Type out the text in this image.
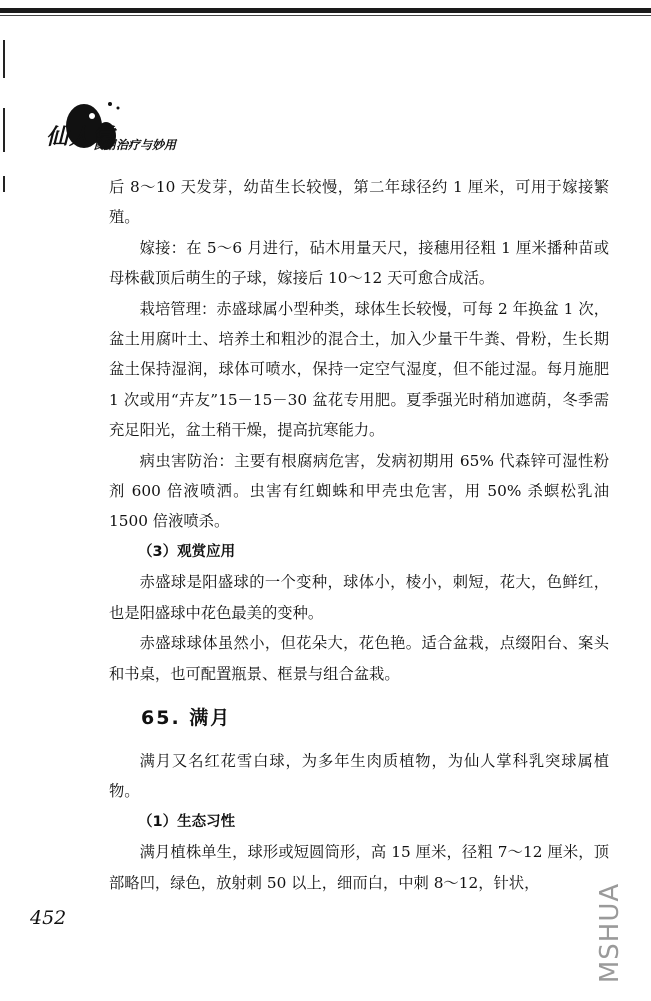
仙人掌
食用治疗与妙用

后 8～10 天发芽，幼苗生长较慢，第二年球径约 1 厘米，可用于嫁接繁殖。

嫁接：在 5～6 月进行，砧木用量天尺，接穗用径粗 1 厘米播种苗或母株截顶后萌生的子球，嫁接后 10～12 天可愈合成活。

栽培管理：赤盛球属小型种类，球体生长较慢，可每 2 年换盆 1 次，盆土用腐叶土、培养土和粗沙的混合土，加入少量干牛粪、骨粉，生长期盆土保持湿润，球体可喷水，保持一定空气湿度，但不能过湿。每月施肥 1 次或用“卉友”15－15－30 盆花专用肥。夏季强光时稍加遮荫，冬季需充足阳光，盆土稍干燥，提高抗寒能力。

病虫害防治：主要有根腐病危害，发病初期用 65% 代森锌可湿性粉剂 600 倍液喷洒。虫害有红蜘蛛和甲壳虫危害，用 50% 杀螟松乳油 1500 倍液喷杀。

（3）观赏应用

赤盛球是阳盛球的一个变种，球体小，棱小，刺短，花大，色鲜红，也是阳盛球中花色最美的变种。

赤盛球球体虽然小，但花朵大，花色艳。适合盆栽，点缀阳台、案头和书桌，也可配置瓶景、框景与组合盆栽。

65. 满月

满月又名红花雪白球，为多年生肉质植物，为仙人掌科乳突球属植物。

（1）生态习性

满月植株单生，球形或短圆筒形，高 15 厘米，径粗 7～12 厘米，顶部略凹，绿色，放射刺 50 以上，细而白，中刺 8～12，针状，

452	MSHUA
